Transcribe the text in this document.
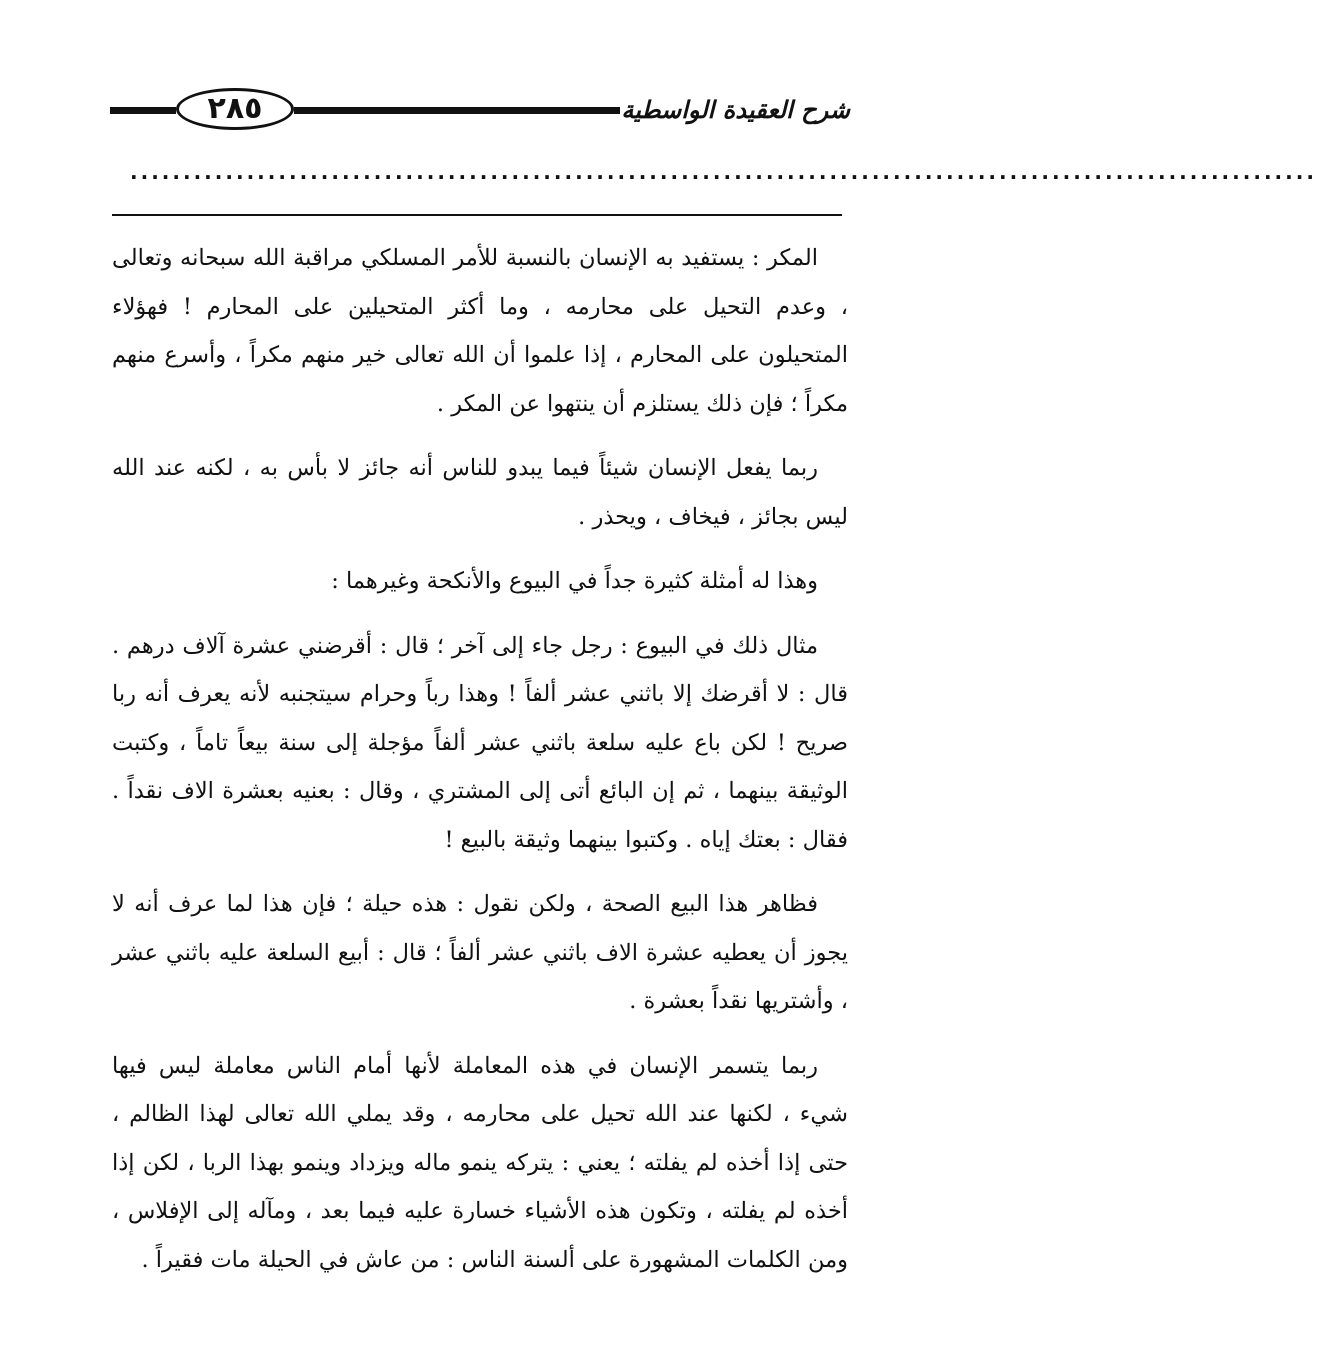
٢٨٥	شرح العقيدة الواسطية
................................................................................................................

المكر : يستفيد به الإنسان بالنسبة للأمر المسلكي مراقبة الله سبحانه وتعالى ، وعدم التحيل على محارمه ، وما أكثر المتحيلين على المحارم ! فهؤلاء المتحيلون على المحارم ، إذا علموا أن الله تعالى خير منهم مكراً ، وأسرع منهم مكراً ؛ فإن ذلك يستلزم أن ينتهوا عن المكر .

ربما يفعل الإنسان شيئاً فيما يبدو للناس أنه جائز لا بأس به ، لكنه عند الله ليس بجائز ، فيخاف ، ويحذر .

وهذا له أمثلة كثيرة جداً في البيوع والأنكحة وغيرهما :

مثال ذلك في البيوع : رجل جاء إلى آخر ؛ قال : أقرضني عشرة آلاف درهم . قال : لا أقرضك إلا باثني عشر ألفاً ! وهذا رباً وحرام سيتجنبه لأنه يعرف أنه ربا صريح ! لكن باع عليه سلعة باثني عشر ألفاً مؤجلة إلى سنة بيعاً تاماً ، وكتبت الوثيقة بينهما ، ثم إن البائع أتى إلى المشتري ، وقال : بعنيه بعشرة الاف نقداً . فقال : بعتك إياه . وكتبوا بينهما وثيقة بالبيع !

فظاهر هذا البيع الصحة ، ولكن نقول : هذه حيلة ؛ فإن هذا لما عرف أنه لا يجوز أن يعطيه عشرة الاف باثني عشر ألفاً ؛ قال : أبيع السلعة عليه باثني عشر ، وأشتريها نقداً بعشرة .

ربما يتسمر الإنسان في هذه المعاملة لأنها أمام الناس معاملة ليس فيها شيء ، لكنها عند الله تحيل على محارمه ، وقد يملي الله تعالى لهذا الظالم ، حتى إذا أخذه لم يفلته ؛ يعني : يتركه ينمو ماله ويزداد وينمو بهذا الربا ، لكن إذا أخذه لم يفلته ، وتكون هذه الأشياء خسارة عليه فيما بعد ، ومآله إلى الإفلاس ، ومن الكلمات المشهورة على ألسنة الناس : من عاش في الحيلة مات فقيراً .
